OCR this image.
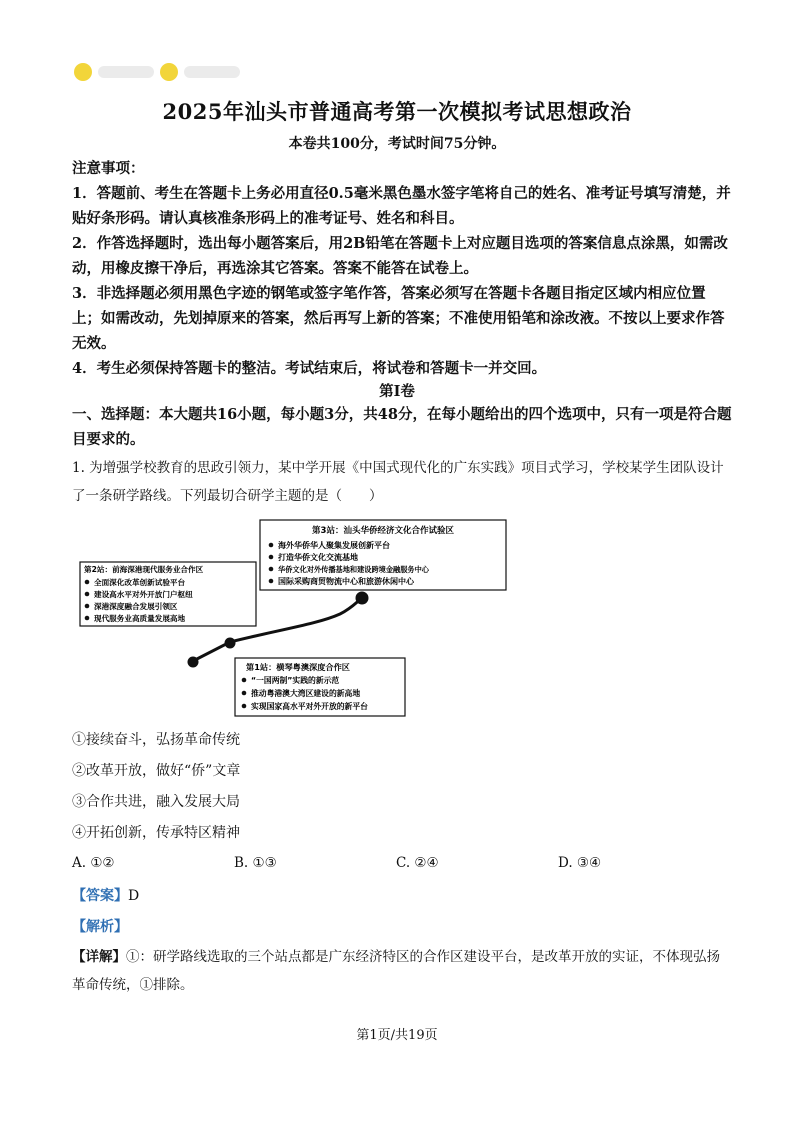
2025年汕头市普通高考第一次模拟考试思想政治
本卷共100分，考试时间75分钟。
注意事项：
1．答题前、考生在答题卡上务必用直径0.5毫米黑色墨水签字笔将自己的姓名、准考证号填写清楚，并贴好条形码。请认真核准条形码上的准考证号、姓名和科目。
2．作答选择题时，选出每小题答案后，用2B铅笔在答题卡上对应题目选项的答案信息点涂黑，如需改动，用橡皮擦干净后，再选涂其它答案。答案不能答在试卷上。
3．非选择题必须用黑色字迹的钢笔或签字笔作答，答案必须写在答题卡各题目指定区域内相应位置上；如需改动，先划掉原来的答案，然后再写上新的答案；不准使用铅笔和涂改液。不按以上要求作答无效。
4．考生必须保持答题卡的整洁。考试结束后，将试卷和答题卡一并交回。
第Ⅰ卷
一、选择题：本大题共16小题，每小题3分，共48分，在每小题给出的四个选项中，只有一项是符合题目要求的。
1. 为增强学校教育的思政引领力，某中学开展《中国式现代化的广东实践》项目式学习，学校某学生团队设计了一条研学路线。下列最切合研学主题的是（　　）
第3站：汕头华侨经济文化合作试验区
海外华侨华人聚集发展创新平台
打造华侨文化交流基地
华侨文化对外传播基地和建设跨境金融服务中心
国际采购商贸物流中心和旅游休闲中心
第2站：前海深港现代服务业合作区
全面深化改革创新试验平台
建设高水平对外开放门户枢纽
深港深度融合发展引领区
现代服务业高质量发展高地
第1站：横琴粤澳深度合作区
“一国两制”实践的新示范
推动粤港澳大湾区建设的新高地
实现国家高水平对外开放的新平台
①接续奋斗，弘扬革命传统
②改革开放，做好“侨”文章
③合作共进，融入发展大局
④开拓创新，传承特区精神
A. ①②	B. ①③	C. ②④	D. ③④
【答案】D
【解析】
【详解】①：研学路线选取的三个站点都是广东经济特区的合作区建设平台，是改革开放的实证，不体现弘扬革命传统，①排除。
第1页/共19页
